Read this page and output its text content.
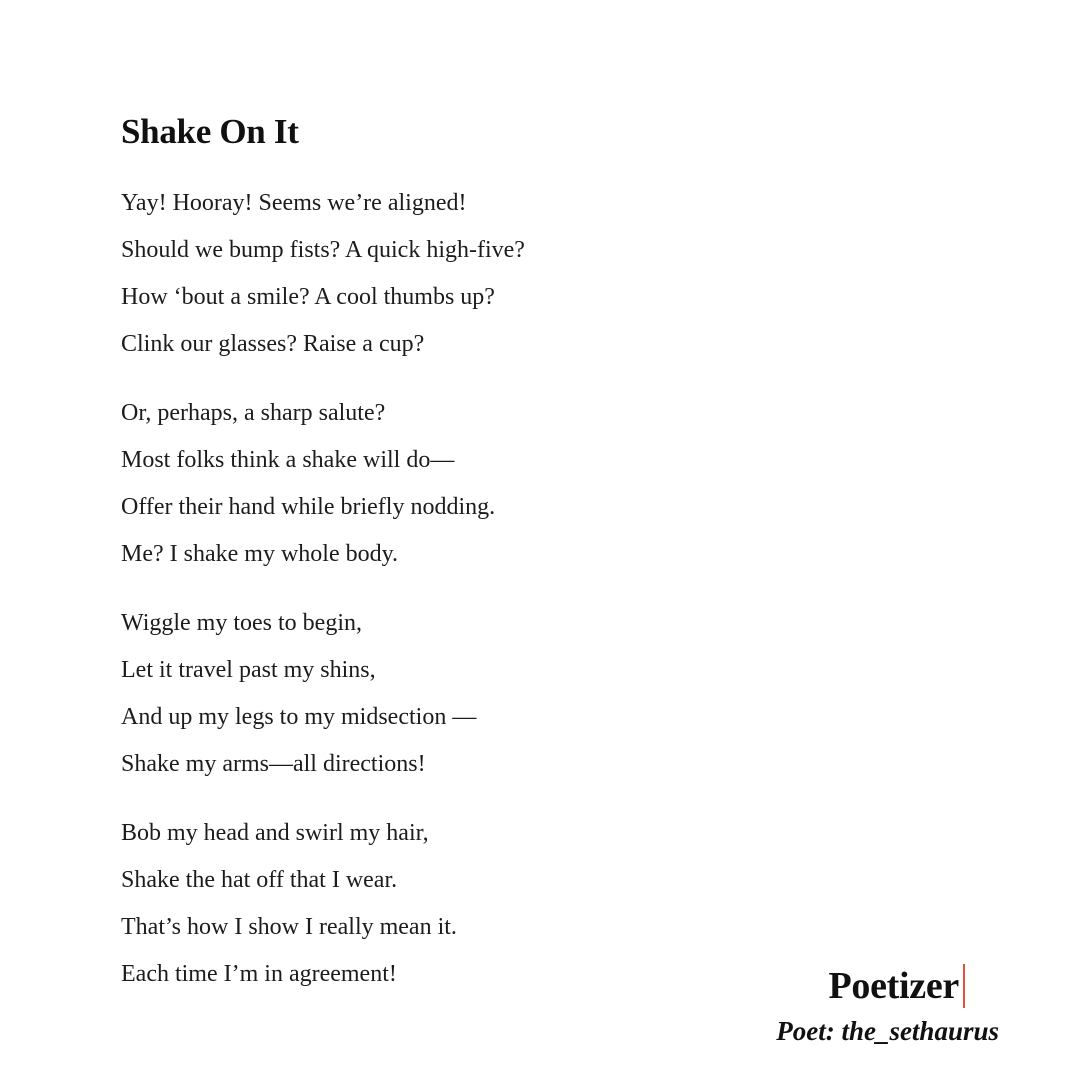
Shake On It
Yay! Hooray! Seems we’re aligned!
Should we bump fists? A quick high-five?
How ‘bout a smile? A cool thumbs up?
Clink our glasses? Raise a cup?
Or, perhaps, a sharp salute?
Most folks think a shake will do—
Offer their hand while briefly nodding.
Me? I shake my whole body.
Wiggle my toes to begin,
Let it travel past my shins,
And up my legs to my midsection —
Shake my arms—all directions!
Bob my head and swirl my hair,
Shake the hat off that I wear.
That’s how I show I really mean it.
Each time I’m in agreement!	Poetizer
Poet: the_sethaurus
